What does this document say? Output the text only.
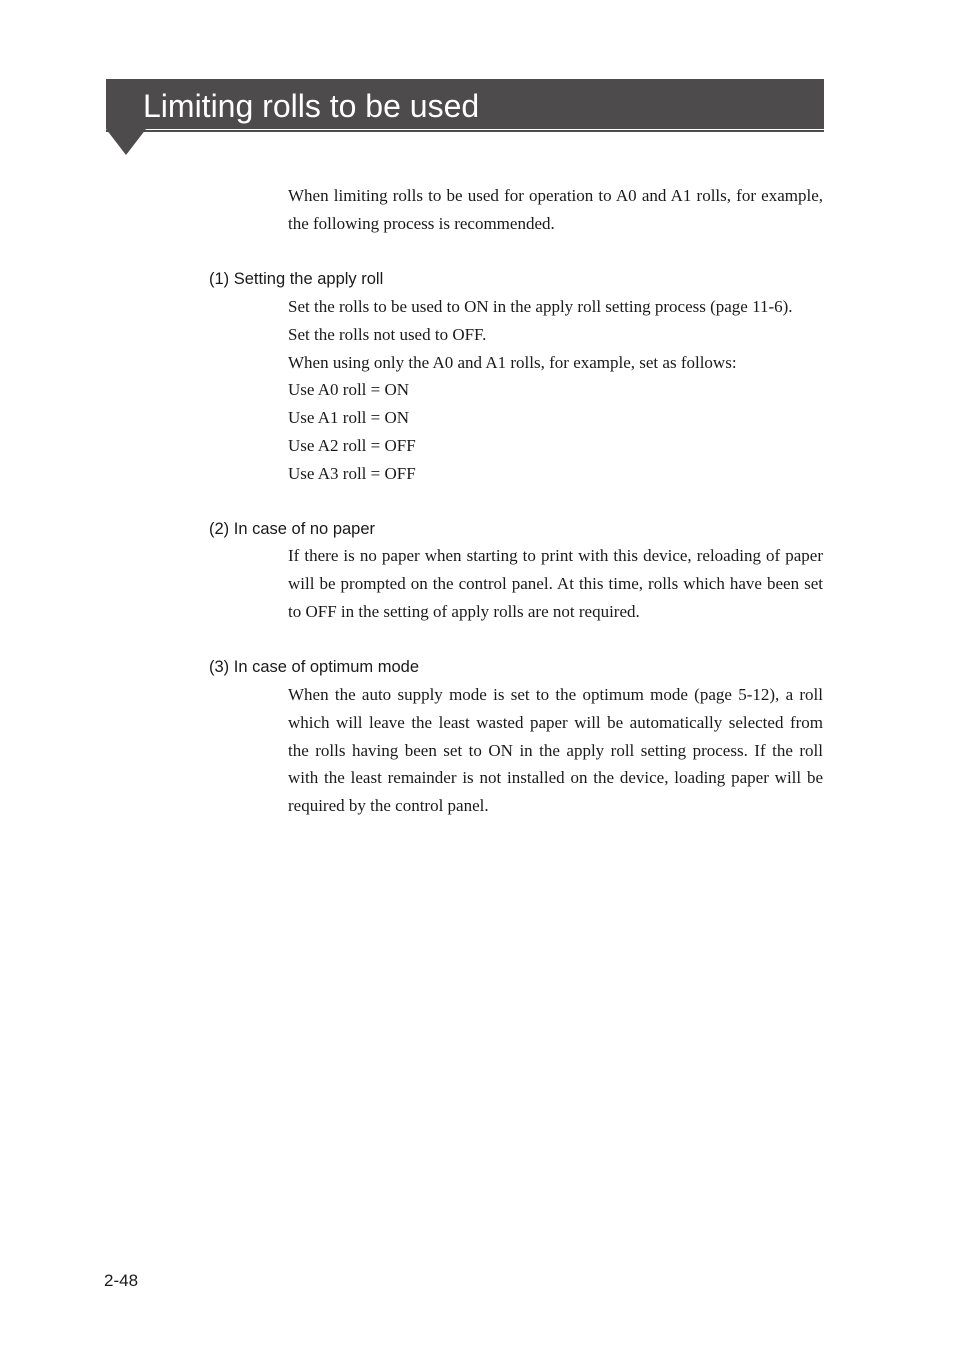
Limiting rolls to be used

When limiting rolls to be used for operation to A0 and A1 rolls, for example, the following process is recommended.

(1) Setting the apply roll

Set the rolls to be used to ON in the apply roll setting process (page 11-6).

Set the rolls not used to OFF.

When using only the A0 and A1 rolls, for example, set as follows:

Use A0 roll = ON

Use A1 roll = ON

Use A2 roll = OFF

Use A3 roll = OFF

(2) In case of no paper

If there is no paper when starting to print with this device, reloading of paper will be prompted on the control panel. At this time, rolls which have been set to OFF in the setting of apply rolls are not required.

(3) In case of optimum mode

When the auto supply mode is set to the optimum mode (page 5-12), a roll which will leave the least wasted paper will be automatically selected from the rolls having been set to ON in the apply roll setting process. If the roll with the least remainder is not installed on the device, loading paper will be required by the control panel.

2-48
